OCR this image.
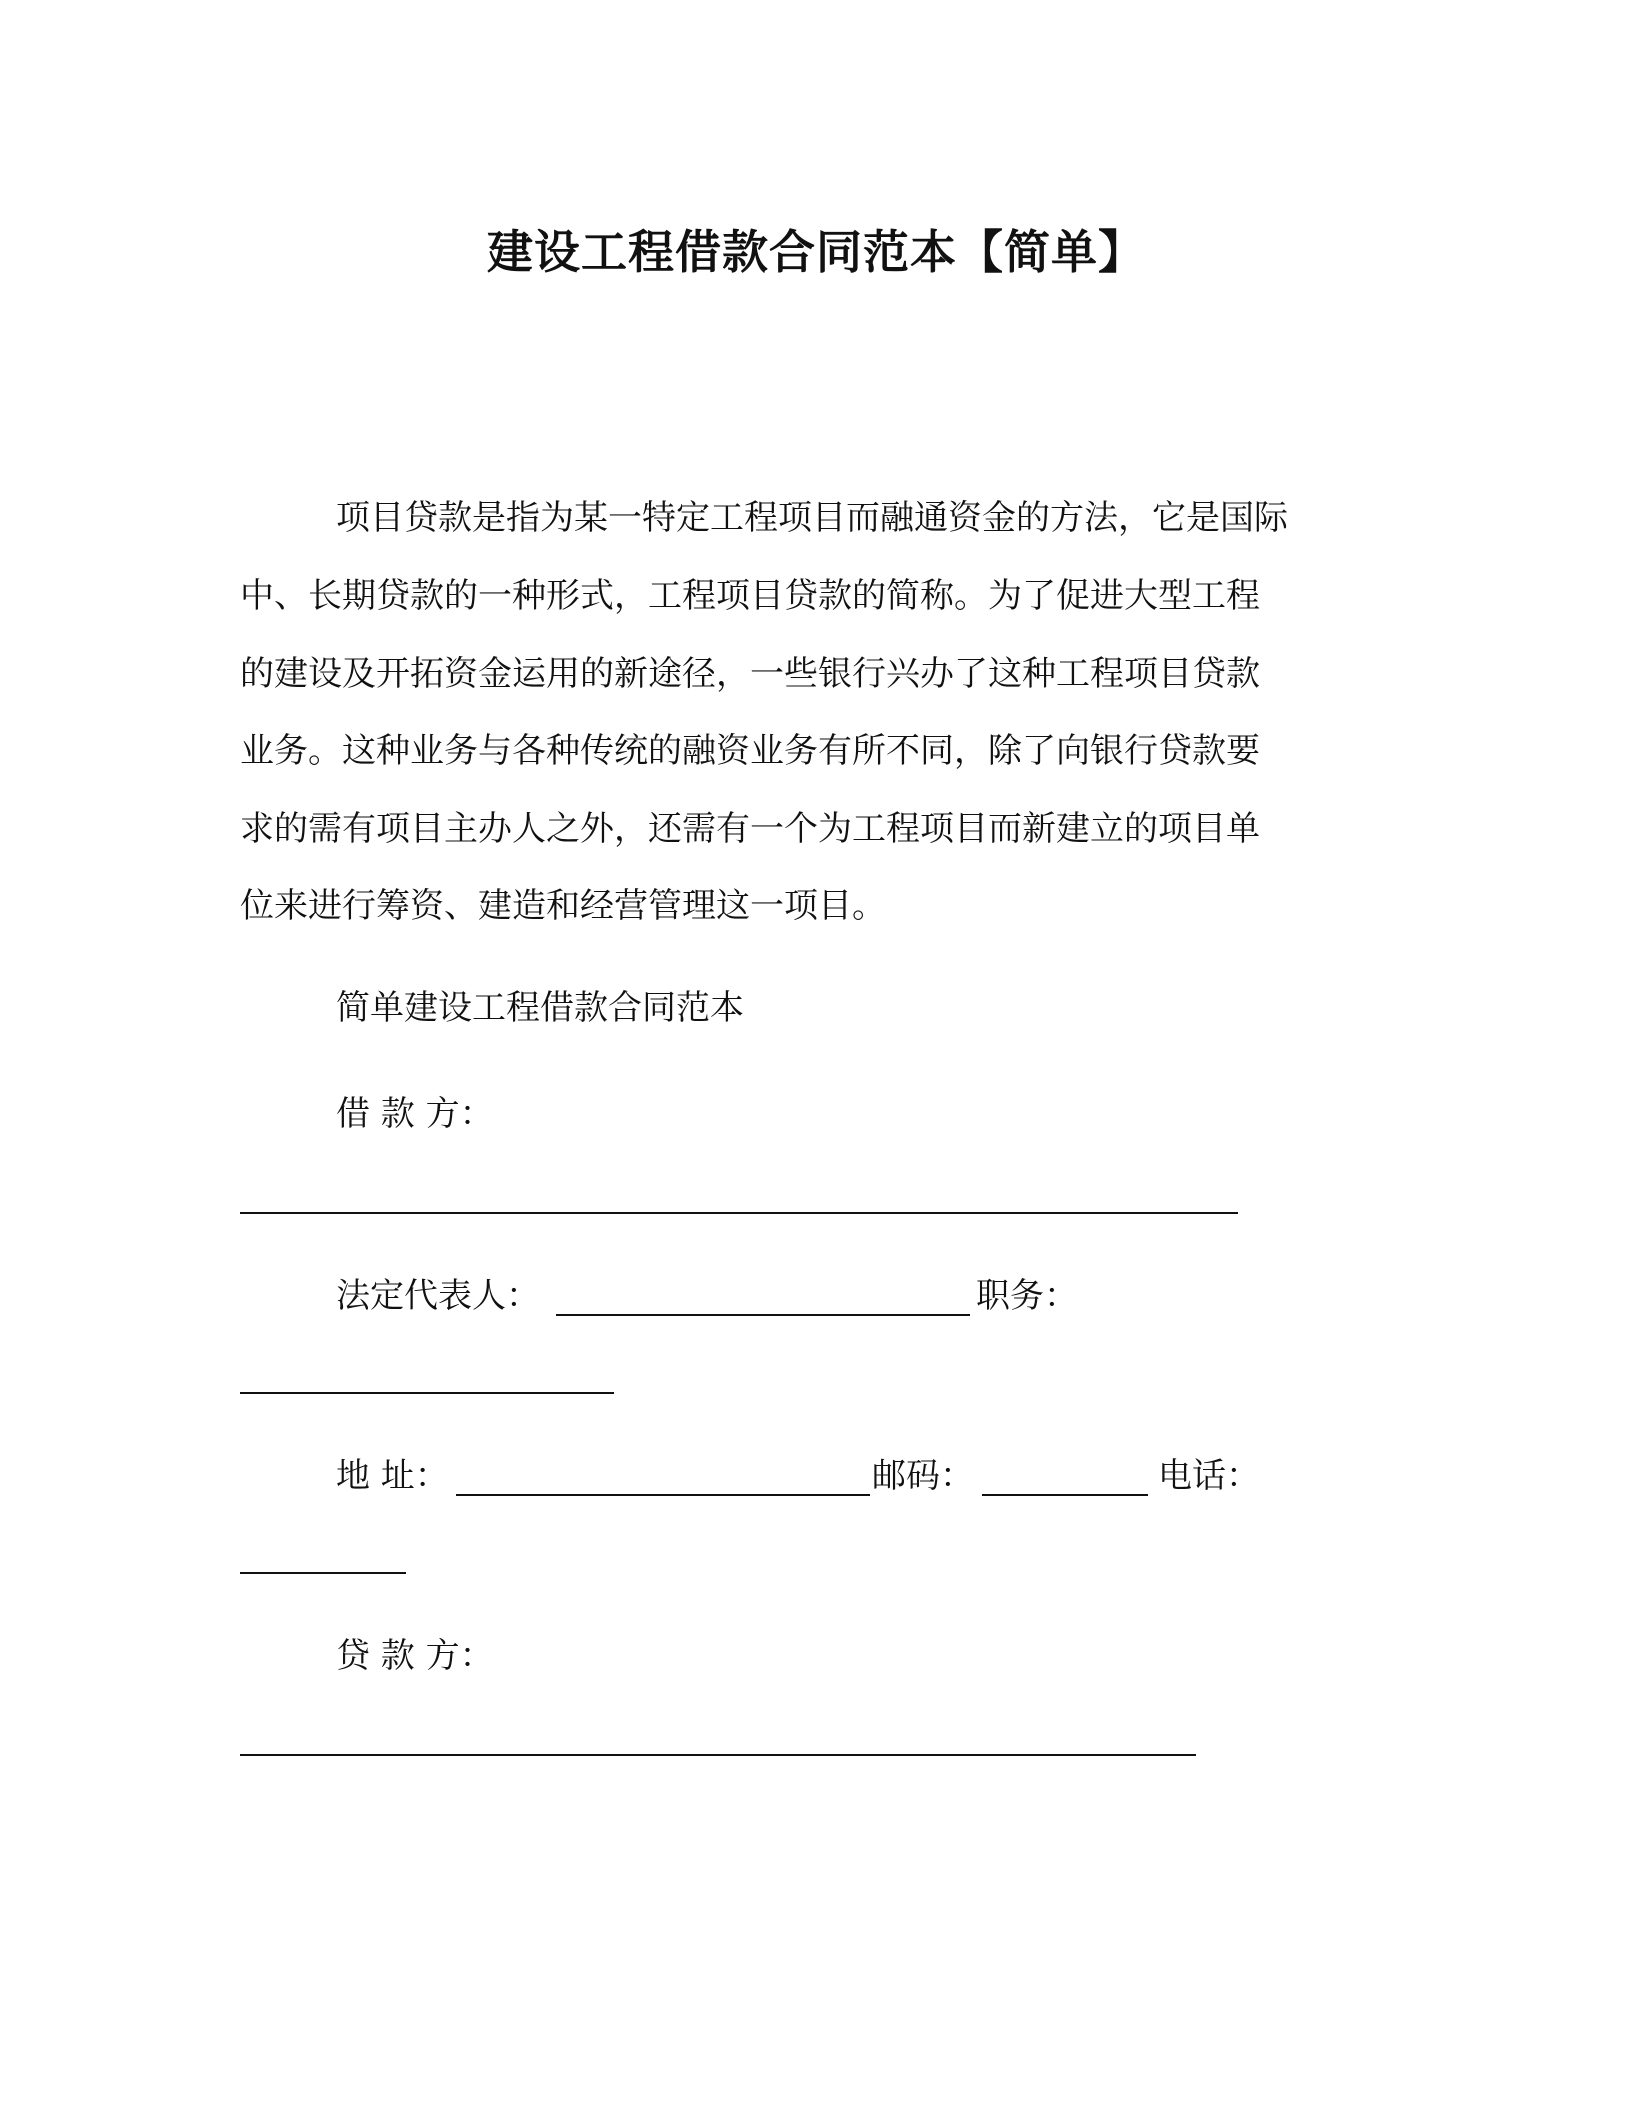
建设工程借款合同范本【简单】
项目贷款是指为某一特定工程项目而融通资金的方法，它是国际
中、长期贷款的一种形式，工程项目贷款的简称。为了促进大型工程
的建设及开拓资金运用的新途径，一些银行兴办了这种工程项目贷款
业务。这种业务与各种传统的融资业务有所不同，除了向银行贷款要
求的需有项目主办人之外，还需有一个为工程项目而新建立的项目单
位来进行筹资、建造和经营管理这一项目。
简单建设工程借款合同范本
借 款 方：
法定代表人：	职务：
地 址：	邮码：	电话：
贷 款 方：
